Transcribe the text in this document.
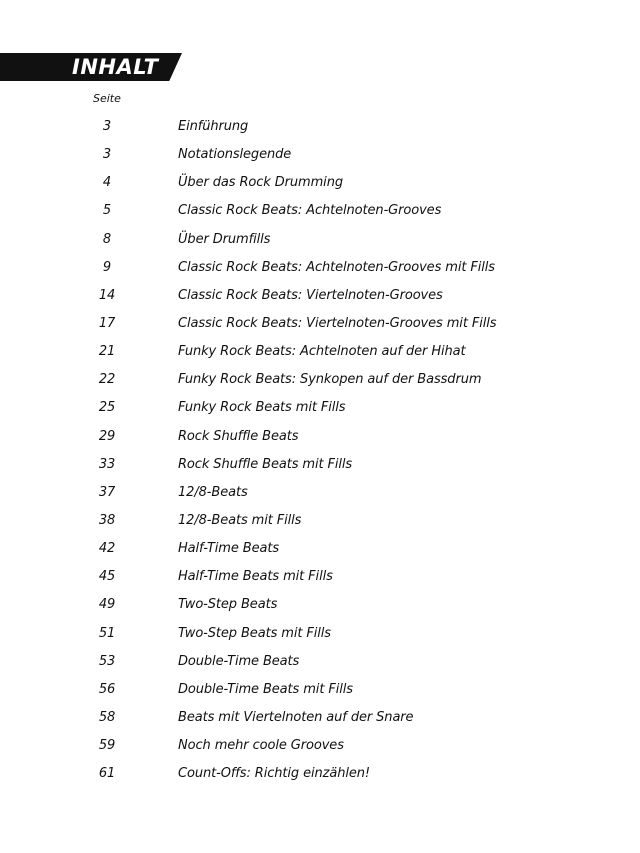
INHALT
Seite
3	Einführung
3	Notationslegende
4	Über das Rock Drumming
5	Classic Rock Beats: Achtelnoten-Grooves
8	Über Drumfills
9	Classic Rock Beats: Achtelnoten-Grooves mit Fills
14	Classic Rock Beats: Viertelnoten-Grooves
17	Classic Rock Beats: Viertelnoten-Grooves mit Fills
21	Funky Rock Beats: Achtelnoten auf der Hihat
22	Funky Rock Beats: Synkopen auf der Bassdrum
25	Funky Rock Beats mit Fills
29	Rock Shuffle Beats
33	Rock Shuffle Beats mit Fills
37	12/8-Beats
38	12/8-Beats mit Fills
42	Half-Time Beats
45	Half-Time Beats mit Fills
49	Two-Step Beats
51	Two-Step Beats mit Fills
53	Double-Time Beats
56	Double-Time Beats mit Fills
58	Beats mit Viertelnoten auf der Snare
59	Noch mehr coole Grooves
61	Count-Offs: Richtig einzählen!
